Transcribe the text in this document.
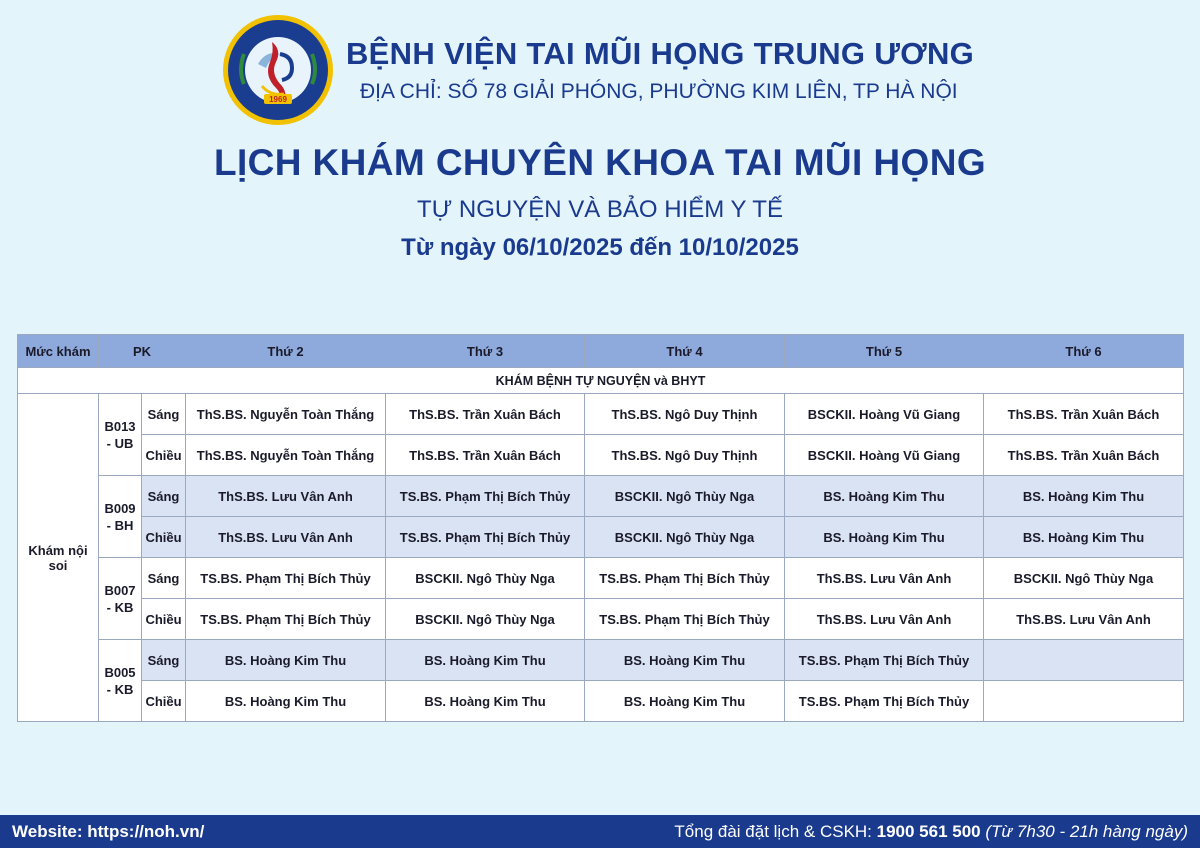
1969
BỆNH VIỆN TAI MŨI HỌNG TRUNG ƯƠNG
ĐỊA CHỈ: SỐ 78 GIẢI PHÓNG, PHƯỜNG KIM LIÊN, TP HÀ NỘI
LỊCH KHÁM CHUYÊN KHOA TAI MŨI HỌNG
TỰ NGUYỆN VÀ BẢO HIỂM Y TẾ
Từ ngày 06/10/2025 đến 10/10/2025
Mức khám	PK		Thứ 2	Thứ 3	Thứ 4	Thứ 5	Thứ 6
KHÁM BỆNH TỰ NGUYỆN và BHYT							
Khám nội soi	B013
- UB	Sáng	ThS.BS. Nguyễn Toàn Thắng	ThS.BS. Trần Xuân Bách	ThS.BS. Ngô Duy Thịnh	BSCKII. Hoàng Vũ Giang	ThS.BS. Trần Xuân Bách
		Chiều	ThS.BS. Nguyễn Toàn Thắng	ThS.BS. Trần Xuân Bách	ThS.BS. Ngô Duy Thịnh	BSCKII. Hoàng Vũ Giang	ThS.BS. Trần Xuân Bách
	B009
- BH	Sáng	ThS.BS. Lưu Vân Anh	TS.BS. Phạm Thị Bích Thủy	BSCKII. Ngô Thùy Nga	BS. Hoàng Kim Thu	BS. Hoàng Kim Thu
		Chiều	ThS.BS. Lưu Vân Anh	TS.BS. Phạm Thị Bích Thủy	BSCKII. Ngô Thùy Nga	BS. Hoàng Kim Thu	BS. Hoàng Kim Thu
	B007
- KB	Sáng	TS.BS. Phạm Thị Bích Thủy	BSCKII. Ngô Thùy Nga	TS.BS. Phạm Thị Bích Thủy	ThS.BS. Lưu Vân Anh	BSCKII. Ngô Thùy Nga
		Chiều	TS.BS. Phạm Thị Bích Thủy	BSCKII. Ngô Thùy Nga	TS.BS. Phạm Thị Bích Thủy	ThS.BS. Lưu Vân Anh	ThS.BS. Lưu Vân Anh
	B005
- KB	Sáng	BS. Hoàng Kim Thu	BS. Hoàng Kim Thu	BS. Hoàng Kim Thu	TS.BS. Phạm Thị Bích Thủy	
		Chiều	BS. Hoàng Kim Thu	BS. Hoàng Kim Thu	BS. Hoàng Kim Thu	TS.BS. Phạm Thị Bích Thủy	
Website: https://noh.vn/	Tổng đài đặt lịch & CSKH: 1900 561 500 (Từ 7h30 - 21h hàng ngày)
